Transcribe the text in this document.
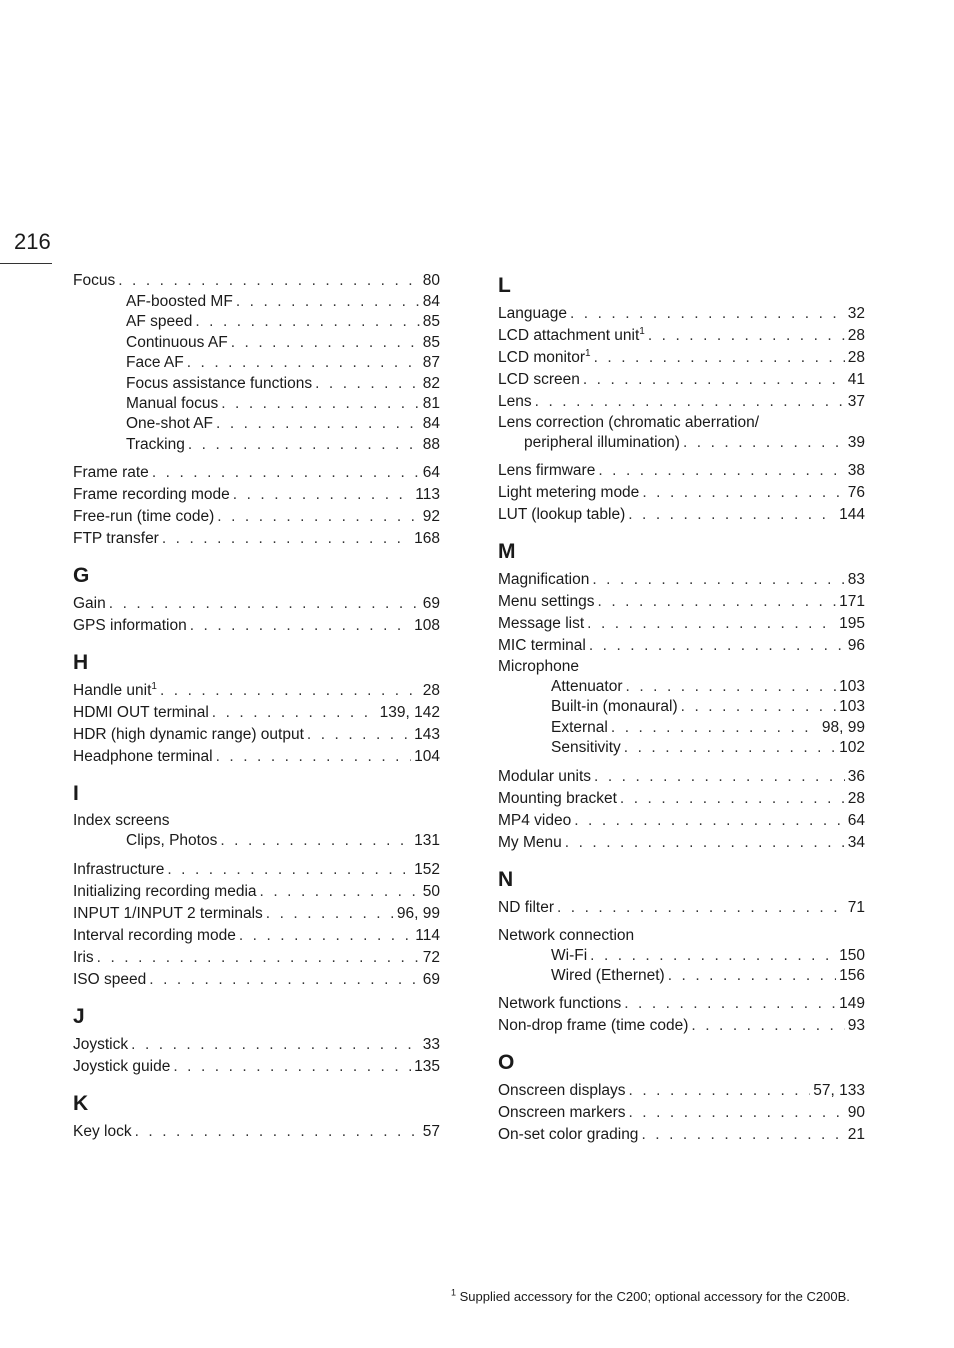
216
Focus . . .	80
AF-boosted MF . . .	84
AF speed . . .	85
Continuous AF . . .	85
Face AF . . .	87
Focus assistance functions . . .	82
Manual focus . . .	81
One-shot AF . . .	84
Tracking . . .	88
Frame rate . . .	64
Frame recording mode . . .	113
Free-run (time code) . . .	92
FTP transfer . . .	168
G
Gain . . .	69
GPS information . . .	108
H
Handle unit$^1$ . . .	28
HDMI OUT terminal . . .	139, 142
HDR (high dynamic range) output . . .	143
Headphone terminal . . .	104
I
Index screens
Clips, Photos . . .	131
Infrastructure . . .	152
Initializing recording media . . .	50
INPUT 1/INPUT 2 terminals . . .	96, 99
Interval recording mode . . .	114
Iris . . .	72
ISO speed . . .	69
J
Joystick . . .	33
Joystick guide . . .	135
K
Key lock . . .	57
L
Language . . .	32
LCD attachment unit$^1$ . . .	28
LCD monitor$^1$ . . .	28
LCD screen . . .	41
Lens . . .	37
Lens correction (chromatic aberration/
peripheral illumination) . . .	39
Lens firmware . . .	38
Light metering mode . . .	76
LUT (lookup table) . . .	144
M
Magnification . . .	83
Menu settings . . .	171
Message list . . .	195
MIC terminal . . .	96
Microphone
Attenuator . . .	103
Built-in (monaural) . . .	103
External . . .	98, 99
Sensitivity . . .	102
Modular units . . .	36
Mounting bracket . . .	28
MP4 video . . .	64
My Menu . . .	34
N
ND filter . . .	71
Network connection
Wi-Fi . . .	150
Wired (Ethernet) . . .	156
Network functions . . .	149
Non-drop frame (time code) . . .	93
O
Onscreen displays . . .	57, 133
Onscreen markers . . .	90
On-set color grading . . .	21
$^1$ Supplied accessory for the C200; optional accessory for the C200B.
